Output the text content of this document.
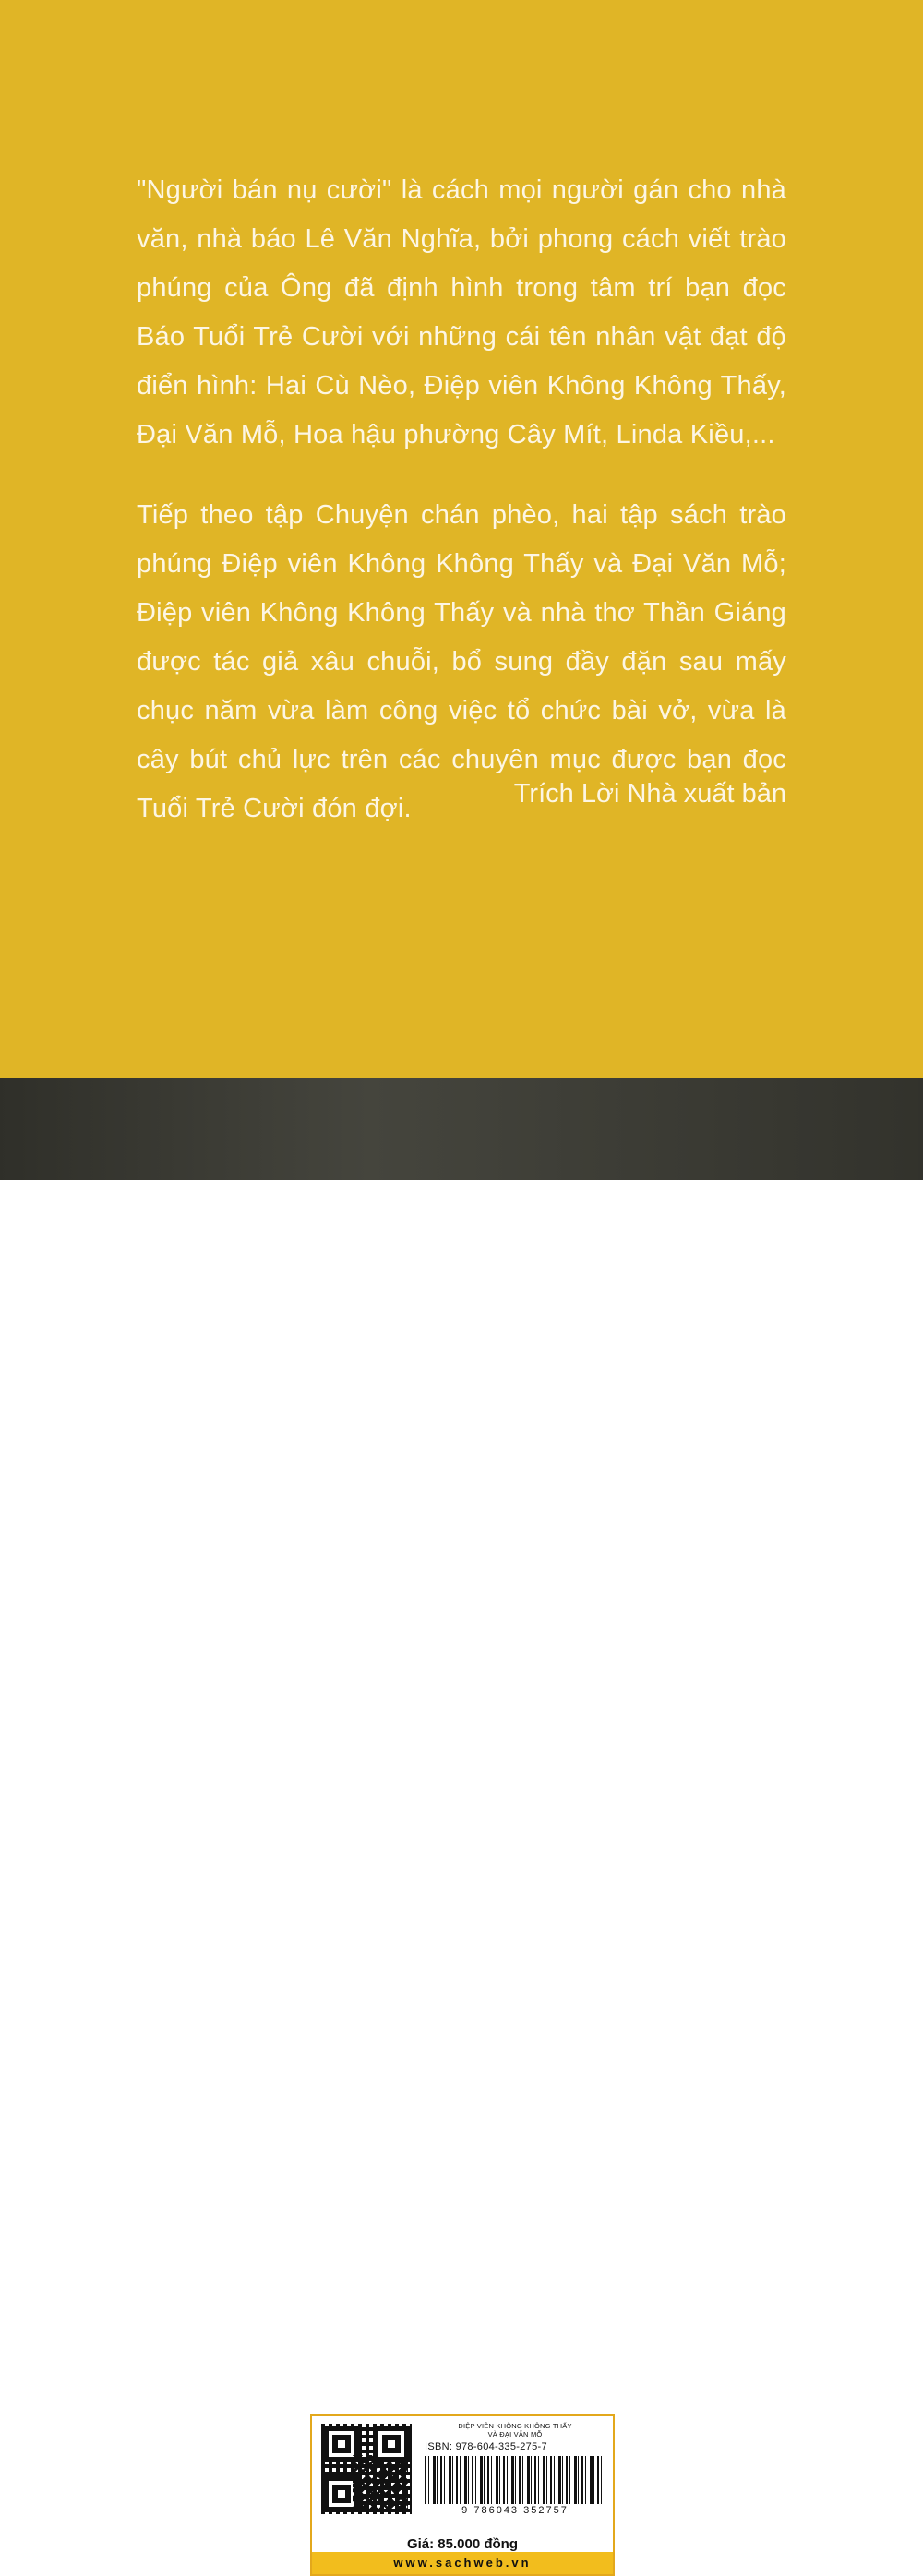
"Người bán nụ cười" là cách mọi người gán cho nhà văn, nhà báo Lê Văn Nghĩa, bởi phong cách viết trào phúng của Ông đã định hình trong tâm trí bạn đọc Báo Tuổi Trẻ Cười với những cái tên nhân vật đạt độ điển hình: Hai Cù Nèo, Điệp viên Không Không Thấy, Đại Văn Mỗ, Hoa hậu phường Cây Mít, Linda Kiều,...

Tiếp theo tập Chuyện chán phèo, hai tập sách trào phúng Điệp viên Không Không Thấy và Đại Văn Mỗ; Điệp viên Không Không Thấy và nhà thơ Thần Giáng được tác giả xâu chuỗi, bổ sung đầy đặn sau mấy chục năm vừa làm công việc tổ chức bài vở, vừa là cây bút chủ lực trên các chuyên mục được bạn đọc Tuổi Trẻ Cười đón đợi.	Trích Lời Nhà xuất bản
ĐIỆP VIÊN KHÔNG KHÔNG THẤY
VÀ ĐẠI VĂN MỖ
ISBN: 978-604-335-275-7
9 786043 352757
Giá: 85.000 đồng
www.sachweb.vn
